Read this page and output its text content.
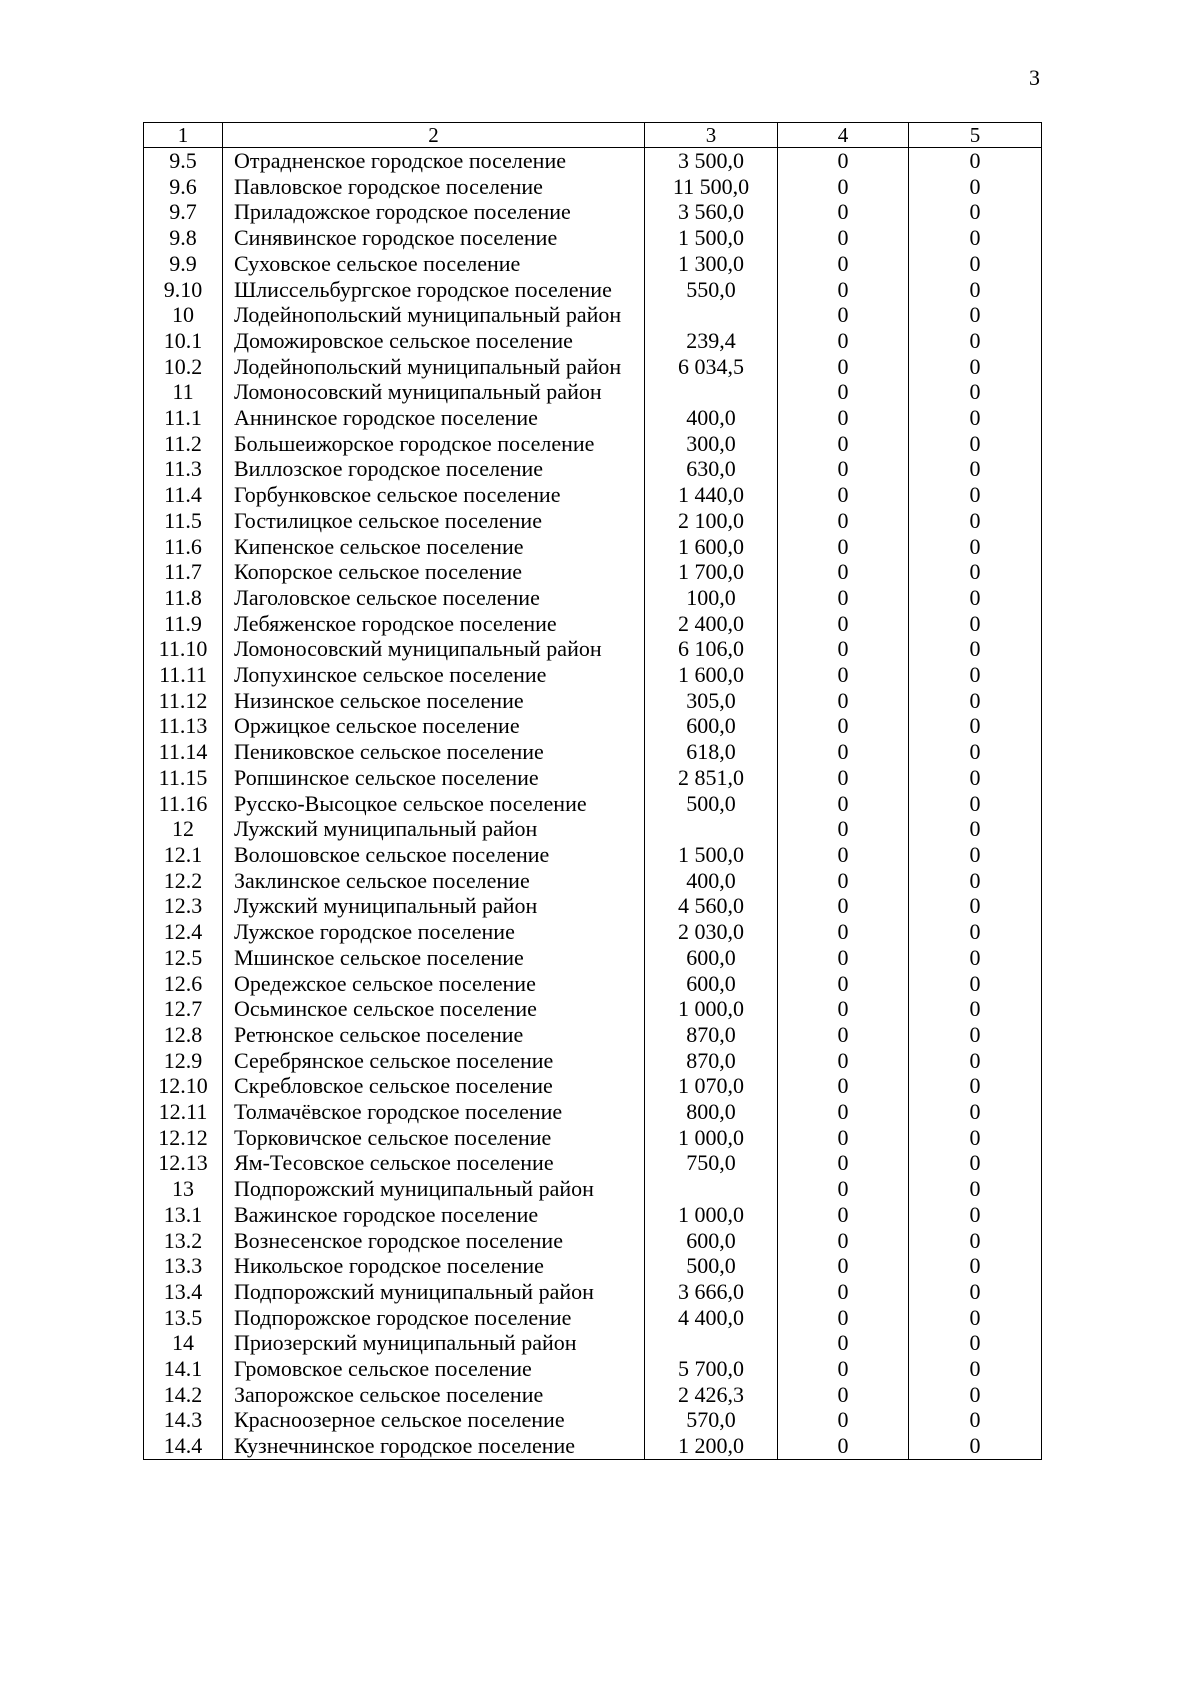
3
1	2	3	4	5
9.5	Отрадненское городское поселение	3 500,0	0	0
9.6	Павловское городское поселение	11 500,0	0	0
9.7	Приладожское городское поселение	3 560,0	0	0
9.8	Синявинское городское поселение	1 500,0	0	0
9.9	Суховское сельское поселение	1 300,0	0	0
9.10	Шлиссельбургское городское поселение	550,0	0	0
10	Лодейнопольский муниципальный район		0	0
10.1	Доможировское сельское поселение	239,4	0	0
10.2	Лодейнопольский муниципальный район	6 034,5	0	0
11	Ломоносовский муниципальный район		0	0
11.1	Аннинское городское поселение	400,0	0	0
11.2	Большеижорское городское поселение	300,0	0	0
11.3	Виллозское городское поселение	630,0	0	0
11.4	Горбунковское сельское поселение	1 440,0	0	0
11.5	Гостилицкое сельское поселение	2 100,0	0	0
11.6	Кипенское сельское поселение	1 600,0	0	0
11.7	Копорское сельское поселение	1 700,0	0	0
11.8	Лаголовское сельское поселение	100,0	0	0
11.9	Лебяженское городское поселение	2 400,0	0	0
11.10	Ломоносовский муниципальный район	6 106,0	0	0
11.11	Лопухинское сельское поселение	1 600,0	0	0
11.12	Низинское сельское поселение	305,0	0	0
11.13	Оржицкое сельское поселение	600,0	0	0
11.14	Пениковское сельское поселение	618,0	0	0
11.15	Ропшинское сельское поселение	2 851,0	0	0
11.16	Русско-Высоцкое сельское поселение	500,0	0	0
12	Лужский муниципальный район		0	0
12.1	Волошовское сельское поселение	1 500,0	0	0
12.2	Заклинское сельское поселение	400,0	0	0
12.3	Лужский муниципальный район	4 560,0	0	0
12.4	Лужское городское поселение	2 030,0	0	0
12.5	Мшинское сельское поселение	600,0	0	0
12.6	Оредежское сельское поселение	600,0	0	0
12.7	Осьминское сельское поселение	1 000,0	0	0
12.8	Ретюнское сельское поселение	870,0	0	0
12.9	Серебрянское сельское поселение	870,0	0	0
12.10	Скребловское сельское поселение	1 070,0	0	0
12.11	Толмачёвское городское поселение	800,0	0	0
12.12	Торковичское сельское поселение	1 000,0	0	0
12.13	Ям-Тесовское сельское поселение	750,0	0	0
13	Подпорожский муниципальный район		0	0
13.1	Важинское городское поселение	1 000,0	0	0
13.2	Вознесенское городское поселение	600,0	0	0
13.3	Никольское городское поселение	500,0	0	0
13.4	Подпорожский муниципальный район	3 666,0	0	0
13.5	Подпорожское городское поселение	4 400,0	0	0
14	Приозерский муниципальный район		0	0
14.1	Громовское сельское поселение	5 700,0	0	0
14.2	Запорожское сельское поселение	2 426,3	0	0
14.3	Красноозерное сельское поселение	570,0	0	0
14.4	Кузнечнинское городское поселение	1 200,0	0	0
